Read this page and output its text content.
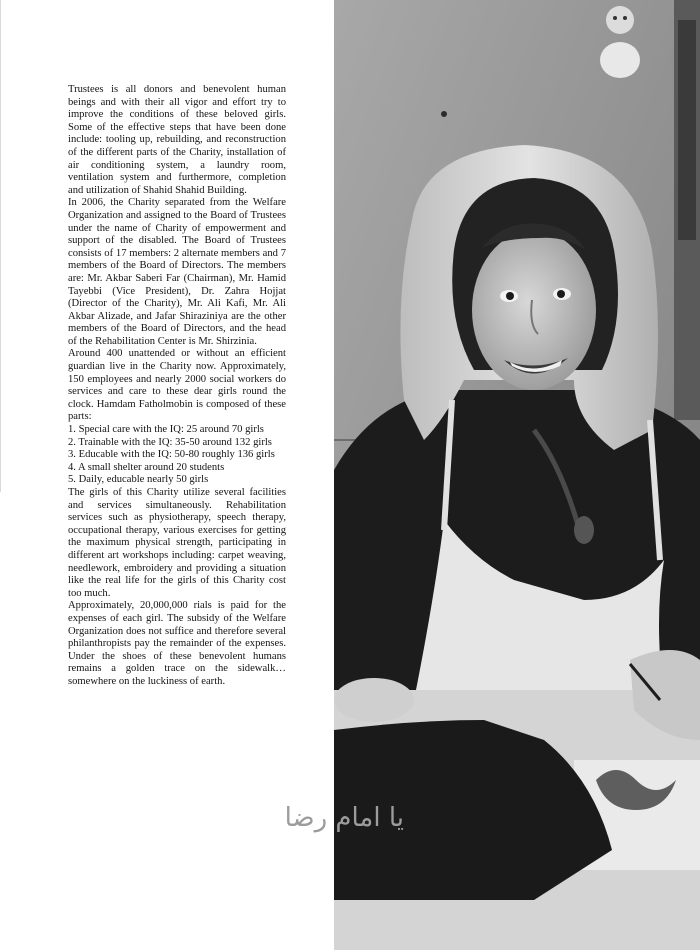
Trustees is all donors and benevolent human beings and with their all vigor and effort try to improve the conditions of these beloved girls. Some of the effective steps that have been done include: tooling up, rebuilding, and reconstruction of the different parts of the Charity, installation of air conditioning system, a laundry room, ventilation system and furthermore, completion and utilization of Shahid Shahid Building.

In 2006, the Charity separated from the Welfare Organization and assigned to the Board of Trustees under the name of Charity of empowerment and support of the disabled. The Board of Trustees consists of 17 members: 2 alternate members and 7 members of the Board of Directors. The members are: Mr. Akbar Saberi Far (Chairman), Mr. Hamid Tayebbi (Vice President), Dr. Zahra Hojjat (Director of the Charity), Mr. Ali Kafi, Mr. Ali Akbar Alizade, and Jafar Shiraziniya are the other members of the Board of Directors, and the head of the Rehabilitation Center is Mr. Shirzinia.

Around 400 unattended or without an efficient guardian live in the Charity now. Approximately, 150 employees and nearly 2000 social workers do services and care to these dear girls round the clock. Hamdam Fatholmobin is composed of these parts:

1. Special care with the IQ: 25 around 70 girls

2. Trainable with the IQ: 35-50 around 132 girls

3. Educable with the IQ: 50-80 roughly 136 girls

4. A small shelter around 20 students

5. Daily, educable nearly 50 girls

The girls of this Charity utilize several facilities and services simultaneously. Rehabilitation services such as physiotherapy, speech therapy, occupational therapy, various exercises for getting the maximum physical strength, participating in different art workshops including: carpet weaving, needlework, embroidery and providing a situation like the real life for the girls of this Charity cost too much.

Approximately, 20,000,000 rials is paid for the expenses of each girl. The subsidy of the Welfare Organization does not suffice and therefore several philanthropists pay the remainder of the expenses. Under the shoes of these benevolent humans remains a golden trace on the sidewalk… somewhere on the luckiness of earth.

یا امام رضا
